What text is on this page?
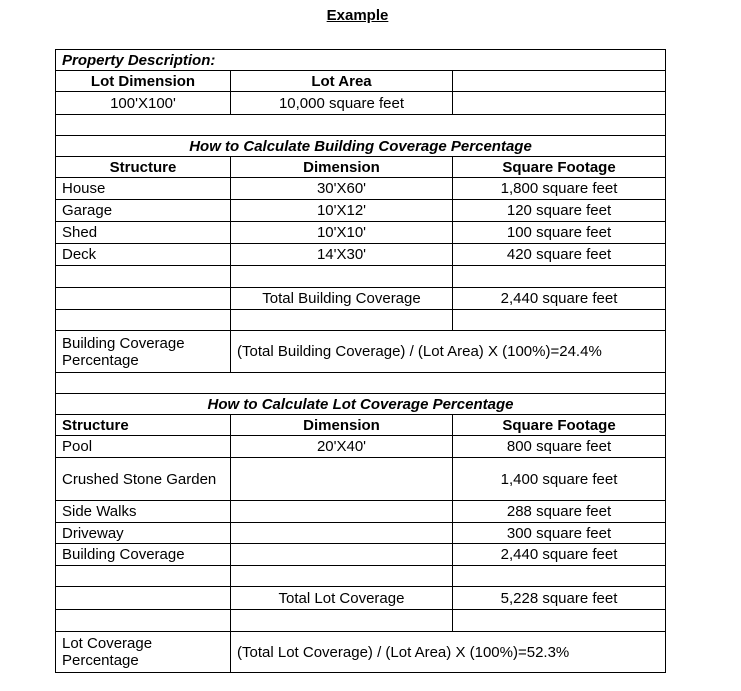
Example
Property Description:		
Lot Dimension	Lot Area	
100'X100'	10,000 square feet	

How to Calculate Building Coverage Percentage		
Structure	Dimension	Square Footage
House	30'X60'	1,800 square feet
Garage	10'X12'	120 square feet
Shed	10'X10'	100 square feet
Deck	14'X30'	420 square feet

	Total Building Coverage	2,440 square feet

Building Coverage Percentage	(Total Building Coverage) / (Lot Area) X (100%)=24.4%	

How to Calculate Lot Coverage Percentage		
Structure	Dimension	Square Footage
Pool	20'X40'	800 square feet
Crushed Stone Garden		1,400 square feet
Side Walks		288 square feet
Driveway		300 square feet
Building Coverage		2,440 square feet

	Total Lot Coverage	5,228 square feet

Lot Coverage Percentage	(Total Lot Coverage) / (Lot Area) X (100%)=52.3%	
